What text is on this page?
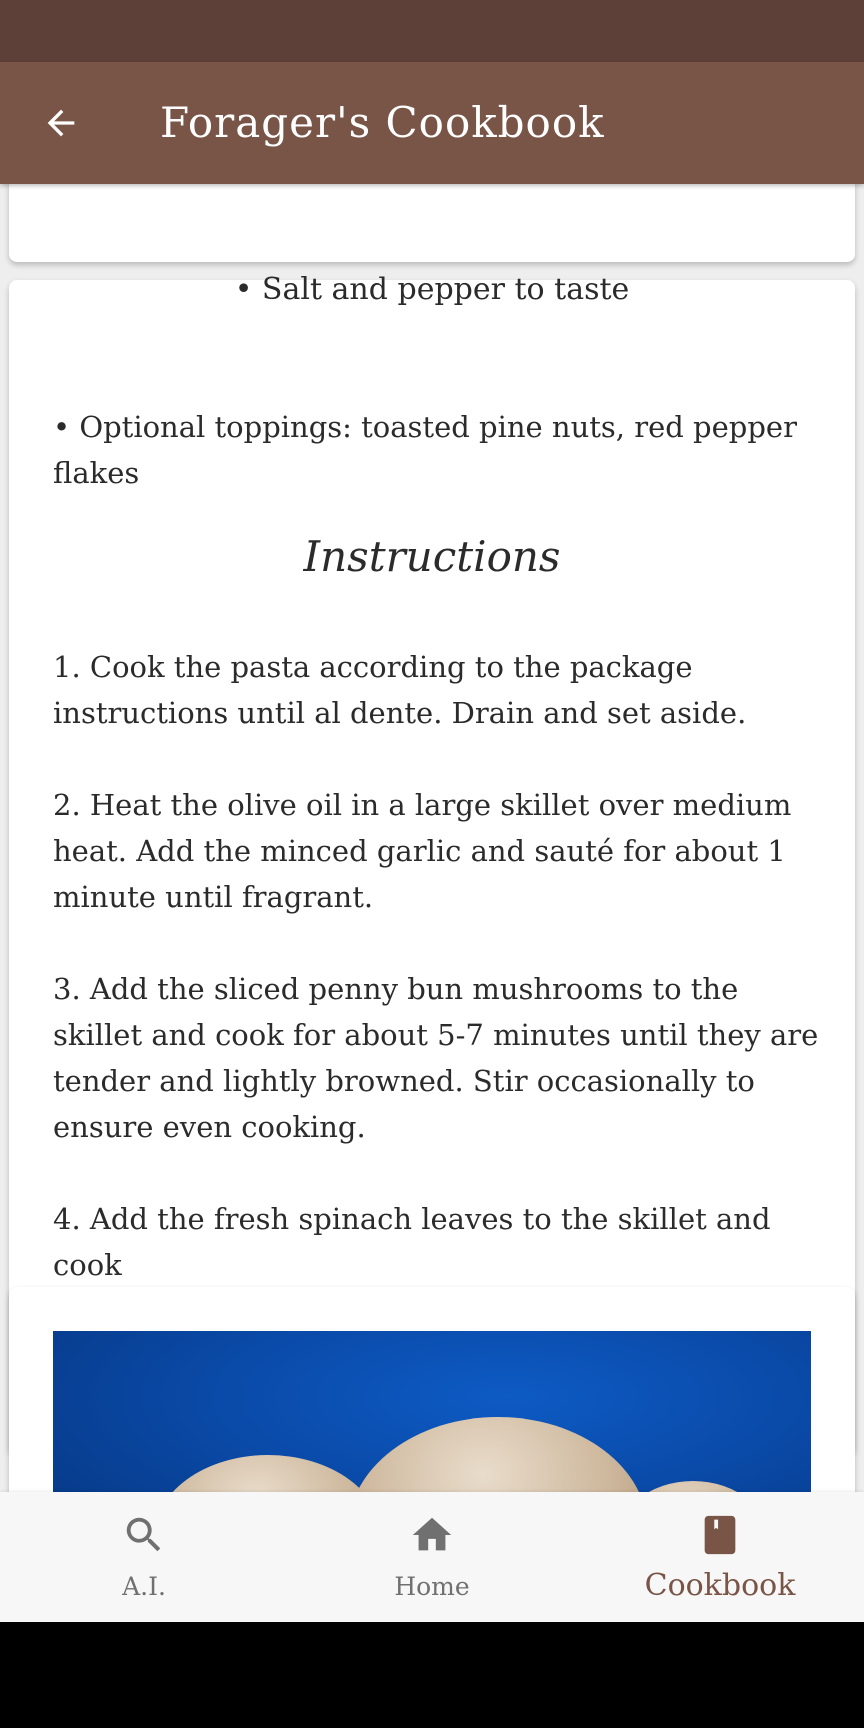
Forager's Cookbook
• Salt and pepper to taste
• Optional toppings: toasted pine nuts, red pepper flakes
Instructions
1. Cook the pasta according to the package instructions until al dente. Drain and set aside.
2. Heat the olive oil in a large skillet over medium heat. Add the minced garlic and sauté for about 1 minute until fragrant.
3. Add the sliced penny bun mushrooms to the skillet and cook for about 5-7 minutes until they are tender and lightly browned. Stir occasionally to ensure even cooking.
4. Add the fresh spinach leaves to the skillet and cook
A.I.	Home	Cookbook
